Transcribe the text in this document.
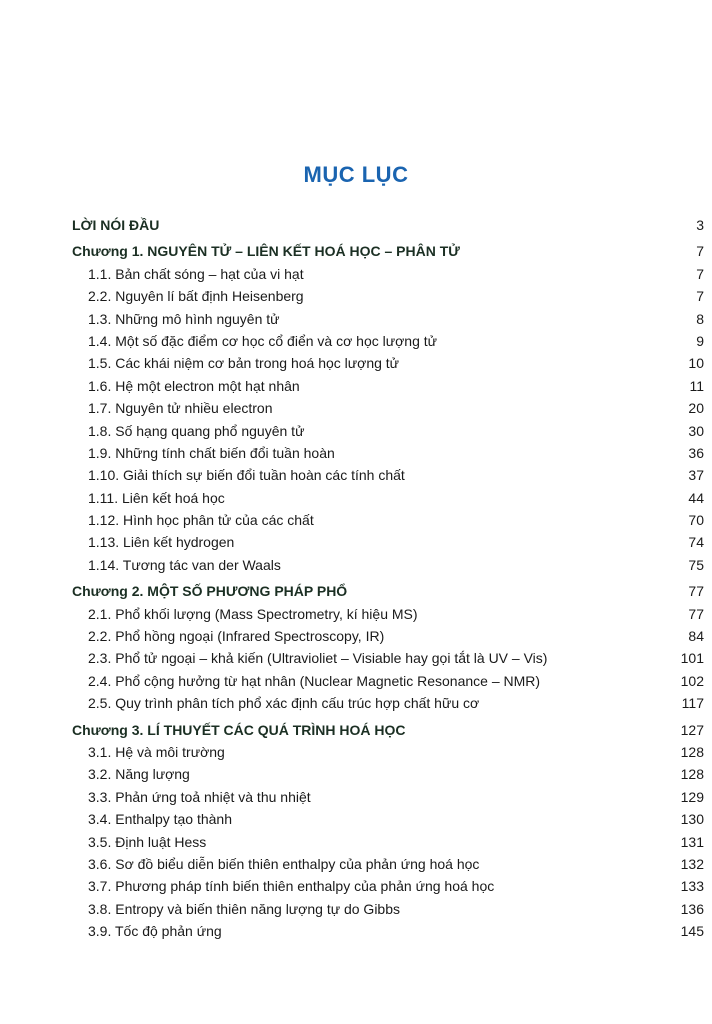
MỤC LỤC
LỜI NÓI ĐẦU	3
Chương 1. NGUYÊN TỬ – LIÊN KẾT HOÁ HỌC – PHÂN TỬ	7
1.1. Bản chất sóng – hạt của vi hạt	7
2.2. Nguyên lí bất định Heisenberg	7
1.3. Những mô hình nguyên tử	8
1.4. Một số đặc điểm cơ học cổ điển và cơ học lượng tử	9
1.5. Các khái niệm cơ bản trong hoá học lượng tử	10
1.6. Hệ một electron một hạt nhân	11
1.7. Nguyên tử nhiều electron	20
1.8. Số hạng quang phổ nguyên tử	30
1.9. Những tính chất biến đổi tuần hoàn	36
1.10. Giải thích sự biến đổi tuần hoàn các tính chất	37
1.11. Liên kết hoá học	44
1.12. Hình học phân tử của các chất	70
1.13. Liên kết hydrogen	74
1.14. Tương tác van der Waals	75
Chương 2. MỘT SỐ PHƯƠNG PHÁP PHỔ	77
2.1. Phổ khối lượng (Mass Spectrometry, kí hiệu MS)	77
2.2. Phổ hồng ngoại (Infrared Spectroscopy, IR)	84
2.3. Phổ tử ngoại – khả kiến (Ultravioliet – Visiable hay gọi tắt là UV – Vis)	101
2.4. Phổ cộng hưởng từ hạt nhân (Nuclear Magnetic Resonance – NMR)	102
2.5. Quy trình phân tích phổ xác định cấu trúc hợp chất hữu cơ	117
Chương 3. LÍ THUYẾT CÁC QUÁ TRÌNH HOÁ HỌC	127
3.1. Hệ và môi trường	128
3.2. Năng lượng	128
3.3. Phản ứng toả nhiệt và thu nhiệt	129
3.4. Enthalpy tạo thành	130
3.5. Định luật Hess	131
3.6. Sơ đồ biểu diễn biến thiên enthalpy của phản ứng hoá học	132
3.7. Phương pháp tính biến thiên enthalpy của phản ứng hoá học	133
3.8. Entropy và biến thiên năng lượng tự do Gibbs	136
3.9. Tốc độ phản ứng	145
